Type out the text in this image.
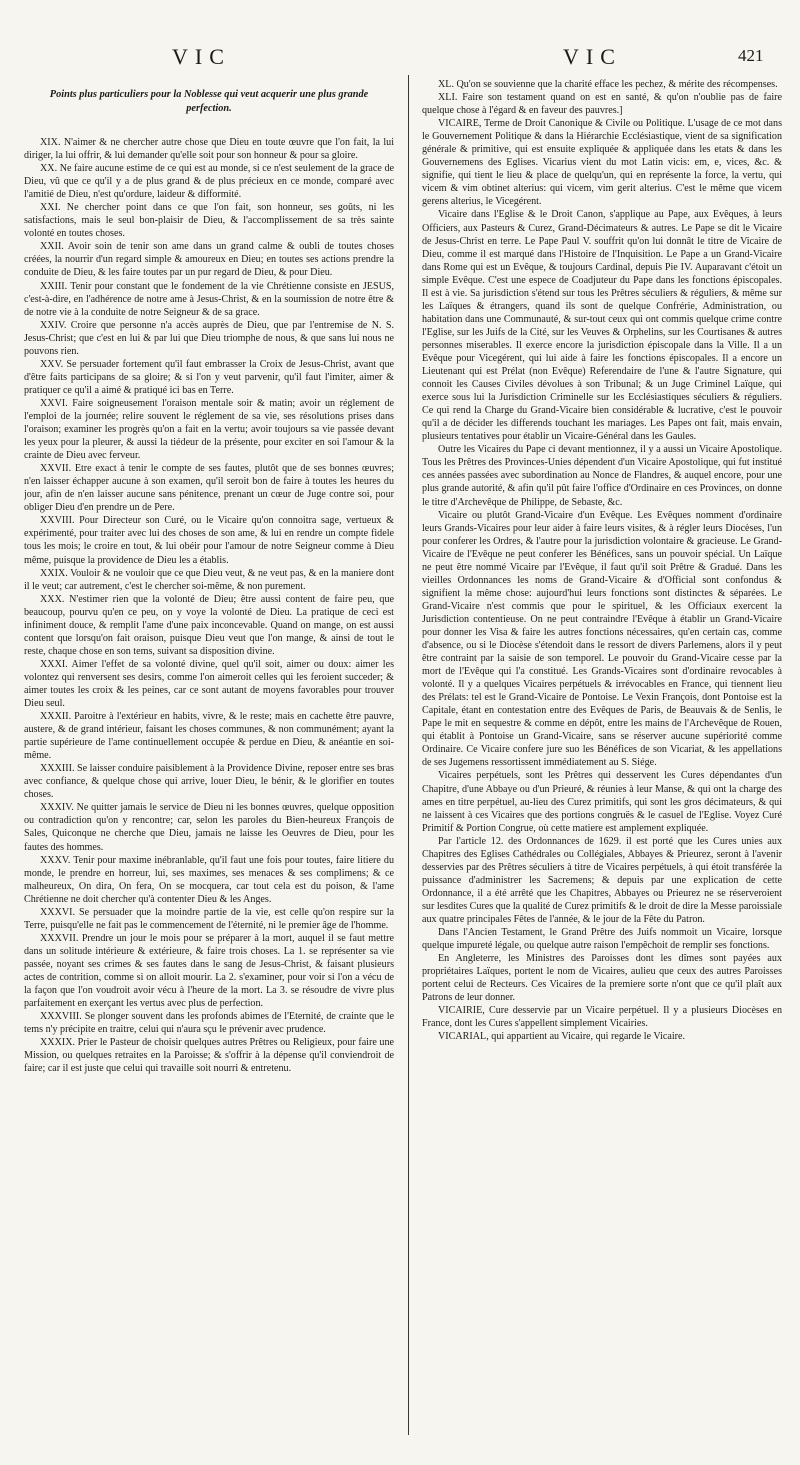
VIC	VIC	421
Points plus particuliers pour la Noblesse qui veut acquerir une plus grande perfection.

XIX. N'aimer & ne chercher autre chose que Dieu en toute œuvre que l'on fait, la lui diriger, la lui offrir, & lui demander qu'elle soit pour son honneur & pour sa gloire.

XX. Ne faire aucune estime de ce qui est au monde, si ce n'est seulement de la grace de Dieu, vû que ce qu'il y a de plus grand & de plus précieux en ce monde, comparé avec l'amitié de Dieu, n'est qu'ordure, laideur & difformité.

XXI. Ne chercher point dans ce que l'on fait, son honneur, ses goûts, ni les satisfactions, mais le seul bon-plaisir de Dieu, & l'accomplissement de sa très sainte volonté en toutes choses.

XXII. Avoir soin de tenir son ame dans un grand calme & oubli de toutes choses créées, la nourrir d'un regard simple & amoureux en Dieu; en toutes ses actions prendre la conduite de Dieu, & les faire toutes par un pur regard de Dieu, & pour Dieu.

XXIII. Tenir pour constant que le fondement de la vie Chrétienne consiste en JESUS, c'est-à-dire, en l'adhérence de notre ame à Jesus-Christ, & en la soumission de notre être & de notre vie à la conduite de notre Seigneur & de sa grace.

XXIV. Croire que personne n'a accès auprès de Dieu, que par l'entremise de N. S. Jesus-Christ; que c'est en lui & par lui que Dieu triomphe de nous, & que sans lui nous ne pouvons rien.

XXV. Se persuader fortement qu'il faut embrasser la Croix de Jesus-Christ, avant que d'être faits participans de sa gloire; & si l'on y veut parvenir, qu'il faut l'imiter, aimer & pratiquer ce qu'il a aimé & pratiqué ici bas en Terre.

XXVI. Faire soigneusement l'oraison mentale soir & matin; avoir un réglement de l'emploi de la journée; relire souvent le réglement de sa vie, ses résolutions prises dans l'oraison; examiner les progrès qu'on a fait en la vertu; avoir toujours sa vie passée devant les yeux pour la pleurer, & aussi la tiédeur de la présente, pour exciter en soi l'amour & la crainte de Dieu avec ferveur.

XXVII. Etre exact à tenir le compte de ses fautes, plutôt que de ses bonnes œuvres; n'en laisser échapper aucune à son examen, qu'il seroit bon de faire à toutes les heures du jour, afin de n'en laisser aucune sans pénitence, prenant un cœur de Juge contre soi, pour obliger Dieu d'en prendre un de Pere.

XXVIII. Pour Directeur son Curé, ou le Vicaire qu'on connoitra sage, vertueux & expérimenté, pour traiter avec lui des choses de son ame, & lui en rendre un compte fidele tous les mois; le croire en tout, & lui obéir pour l'amour de notre Seigneur comme à Dieu même, puisque la providence de Dieu les a établis.

XXIX. Vouloir & ne vouloir que ce que Dieu veut, & ne veut pas, & en la maniere dont il le veut; car autrement, c'est le chercher soi-même, & non purement.

XXX. N'estimer rien que la volonté de Dieu; être aussi content de faire peu, que beaucoup, pourvu qu'en ce peu, on y voye la volonté de Dieu. La pratique de ceci est infiniment douce, & remplit l'ame d'une paix inconcevable. Quand on mange, on est aussi content que lorsqu'on fait oraison, puisque Dieu veut que l'on mange, & ainsi de tout le reste, chaque chose en son tems, suivant sa disposition divine.

XXXI. Aimer l'effet de sa volonté divine, quel qu'il soit, aimer ou doux: aimer les volontez qui renversent ses desirs, comme l'on aimeroit celles qui les feroient succeder; & aimer toutes les croix & les peines, car ce sont autant de moyens favorables pour trouver Dieu seul.

XXXII. Paroitre à l'extérieur en habits, vivre, & le reste; mais en cachette être pauvre, austere, & de grand intérieur, faisant les choses communes, & non communément; ayant la partie supérieure de l'ame continuellement occupée & perdue en Dieu, & anéantie en soi-même.

XXXIII. Se laisser conduire paisiblement à la Providence Divine, reposer entre ses bras avec confiance, & quelque chose qui arrive, louer Dieu, le bénir, & le glorifier en toutes choses.

XXXIV. Ne quitter jamais le service de Dieu ni les bonnes œuvres, quelque opposition ou contradiction qu'on y rencontre; car, selon les paroles du Bien-heureux François de Sales, Quiconque ne cherche que Dieu, jamais ne laisse les Oeuvres de Dieu, pour les fautes des hommes.

XXXV. Tenir pour maxime inébranlable, qu'il faut une fois pour toutes, faire litiere du monde, le prendre en horreur, lui, ses maximes, ses menaces & ses complimens; & ce malheureux, On dira, On fera, On se mocquera, car tout cela est du poison, & l'ame Chrétienne ne doit chercher qu'à contenter Dieu & les Anges.

XXXVI. Se persuader que la moindre partie de la vie, est celle qu'on respire sur la Terre, puisqu'elle ne fait pas le commencement de l'éternité, ni le premier âge de l'homme.

XXXVII. Prendre un jour le mois pour se préparer à la mort, auquel il se faut mettre dans un solitude intérieure & extérieure, & faire trois choses. La 1. se représenter sa vie passée, noyant ses crimes & ses fautes dans le sang de Jesus-Christ, & faisant plusieurs actes de contrition, comme si on alloit mourir. La 2. s'examiner, pour voir si l'on a vécu de la façon que l'on voudroit avoir vécu à l'heure de la mort. La 3. se résoudre de vivre plus parfaitement en exerçant les vertus avec plus de perfection.

XXXVIII. Se plonger souvent dans les profonds abimes de l'Eternité, de crainte que le tems n'y précipite en traitre, celui qui n'aura sçu le prévenir avec prudence.

XXXIX. Prier le Pasteur de choisir quelques autres Prêtres ou Religieux, pour faire une Mission, ou quelques retraites en la Paroisse; & s'offrir à la dépense qu'il conviendroit de faire; car il est juste que celui qui travaille soit nourri & entretenu.

XL. Qu'on se souvienne que la charité efface les pechez, & mérite des récompenses.

XLI. Faire son testament quand on est en santé, & qu'on n'oublie pas de faire quelque chose à l'égard & en faveur des pauvres.]

VICAIRE, Terme de Droit Canonique & Civile ou Politique. L'usage de ce mot dans le Gouvernement Politique & dans la Hiérarchie Ecclésiastique, vient de sa signification générale & primitive, qui est ensuite expliquée & appliquée dans les etats & dans les Gouvernemens des Eglises. Vicarius vient du mot Latin vicis: em, e, vices, &c. & signifie, qui tient le lieu & place de quelqu'un, qui en représente la force, la vertu, qui vicem & vim obtinet alterius: qui vicem, vim gerit alterius. C'est le même que vicem gerens alterius, le Vicegérent.

Vicaire dans l'Eglise & le Droit Canon, s'applique au Pape, aux Evêques, à leurs Officiers, aux Pasteurs & Curez, Grand-Décimateurs & autres. Le Pape se dit le Vicaire de Jesus-Christ en terre. Le Pape Paul V. souffrit qu'on lui donnât le titre de Vicaire de Dieu, comme il est marqué dans l'Histoire de l'Inquisition. Le Pape a un Grand-Vicaire dans Rome qui est un Evêque, & toujours Cardinal, depuis Pie IV. Auparavant c'étoit un simple Evêque. C'est une espece de Coadjuteur du Pape dans les fonctions épiscopales. Il est à vie. Sa jurisdiction s'étend sur tous les Prêtres séculiers & réguliers, & même sur les Laïques & étrangers, quand ils sont de quelque Confrérie, Administration, ou habitation dans une Communauté, & sur-tout ceux qui ont commis quelque crime contre l'Eglise, sur les Juifs de la Cité, sur les Veuves & Orphelins, sur les Courtisanes & autres personnes miserables. Il exerce encore la jurisdiction épiscopale dans la Ville. Il a un Evêque pour Vicegérent, qui lui aide à faire les fonctions épiscopales. Il a encore un Lieutenant qui est Prélat (non Evêque) Referendaire de l'une & l'autre Signature, qui connoit les Causes Civiles dévolues à son Tribunal; & un Juge Criminel Laïque, qui exerce sous lui la Jurisdiction Criminelle sur les Ecclésiastiques séculiers & réguliers. Ce qui rend la Charge du Grand-Vicaire bien considérable & lucrative, c'est le pouvoir qu'il a de décider les differends touchant les mariages. Les Papes ont fait, mais envain, plusieurs tentatives pour établir un Vicaire-Général dans les Gaules.

Outre les Vicaires du Pape ci devant mentionnez, il y a aussi un Vicaire Apostolique. Tous les Prêtres des Provinces-Unies dépendent d'un Vicaire Apostolique, qui fut institué ces années passées avec subordination au Nonce de Flandres, & auquel encore, pour une plus grande autorité, & afin qu'il pût faire l'office d'Ordinaire en ces Provinces, on donne le titre d'Archevêque de Philippe, de Sebaste, &c.

Vicaire ou plutôt Grand-Vicaire d'un Evêque. Les Evêques nomment d'ordinaire leurs Grands-Vicaires pour leur aider à faire leurs visites, & à régler leurs Diocèses, l'un pour conferer les Ordres, & l'autre pour la jurisdiction volontaire & gracieuse. Le Grand-Vicaire de l'Evêque ne peut conferer les Bénéfices, sans un pouvoir spécial. Un Laïque ne peut être nommé Vicaire par l'Evêque, il faut qu'il soit Prêtre & Gradué. Dans les vieilles Ordonnances les noms de Grand-Vicaire & d'Official sont confondus & signifient la même chose: aujourd'hui leurs fonctions sont distinctes & séparées. Le Grand-Vicaire n'est commis que pour le spirituel, & les Officiaux exercent la Jurisdiction contentieuse. On ne peut contraindre l'Evêque à établir un Grand-Vicaire pour donner les Visa & faire les autres fonctions nécessaires, qu'en certain cas, comme d'absence, ou si le Diocèse s'étendoit dans le ressort de divers Parlemens, alors il y peut être contraint par la saisie de son temporel. Le pouvoir du Grand-Vicaire cesse par la mort de l'Evêque qui l'a constitué. Les Grands-Vicaires sont d'ordinaire revocables à volonté. Il y a quelques Vicaires perpétuels & irrévocables en France, qui tiennent lieu des Prélats: tel est le Grand-Vicaire de Pontoise. Le Vexin François, dont Pontoise est la Capitale, étant en contestation entre des Evêques de Paris, de Beauvais & de Senlis, le Pape le mit en sequestre & comme en dépôt, entre les mains de l'Archevêque de Rouen, qui établit à Pontoise un Grand-Vicaire, sans se réserver aucune supériorité comme Ordinaire. Ce Vicaire confere jure suo les Bénéfices de son Vicariat, & les appellations de ses Jugemens ressortissent immédiatement au S. Siége.

Vicaires perpétuels, sont les Prêtres qui desservent les Cures dépendantes d'un Chapitre, d'une Abbaye ou d'un Prieuré, & réunies à leur Manse, & qui ont la charge des ames en titre perpétuel, au-lieu des Curez primitifs, qui sont les gros décimateurs, & qui ne laissent à ces Vicaires que des portions congruës & le casuel de l'Eglise. Voyez Curé Primitif & Portion Congrue, où cette matiere est amplement expliquée.

Par l'article 12. des Ordonnances de 1629. il est porté que les Cures unies aux Chapitres des Eglises Cathédrales ou Collégiales, Abbayes & Prieurez, seront à l'avenir desservies par des Prêtres séculiers à titre de Vicaires perpétuels, à qui étoit transférée la puissance d'administrer les Sacremens; & depuis par une explication de cette Ordonnance, il a été arrêté que les Chapitres, Abbayes ou Prieurez ne se réserveroient sur lesdites Cures que la qualité de Curez primitifs & le droit de dire la Messe paroissiale aux quatre principales Fêtes de l'année, & le jour de la Fête du Patron.

Dans l'Ancien Testament, le Grand Prêtre des Juifs nommoit un Vicaire, lorsque quelque impureté légale, ou quelque autre raison l'empêchoit de remplir ses fonctions.

En Angleterre, les Ministres des Paroisses dont les dîmes sont payées aux propriétaires Laïques, portent le nom de Vicaires, aulieu que ceux des autres Paroisses portent celui de Recteurs. Ces Vicaires de la premiere sorte n'ont que ce qu'il plaît aux Patrons de leur donner.

VICAIRIE, Cure desservie par un Vicaire perpétuel. Il y a plusieurs Diocèses en France, dont les Cures s'appellent simplement Vicairies.

VICARIAL, qui appartient au Vicaire, qui regarde le Vicaire.
